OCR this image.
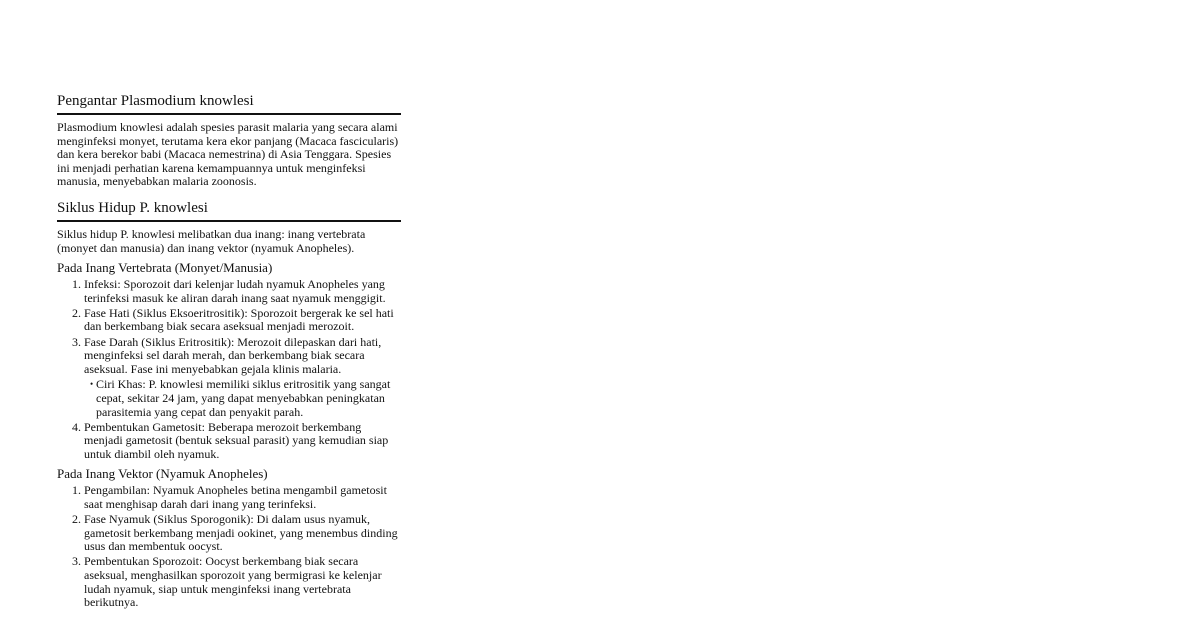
Pengantar Plasmodium knowlesi

Plasmodium knowlesi adalah spesies parasit malaria yang secara alami menginfeksi monyet, terutama kera ekor panjang (Macaca fascicularis) dan kera berekor babi (Macaca nemestrina) di Asia Tenggara. Spesies ini menjadi perhatian karena kemampuannya untuk menginfeksi manusia, menyebabkan malaria zoonosis.

Siklus Hidup P. knowlesi

Siklus hidup P. knowlesi melibatkan dua inang: inang vertebrata (monyet dan manusia) dan inang vektor (nyamuk Anopheles).

Pada Inang Vertebrata (Monyet/Manusia)
1. Infeksi: Sporozoit dari kelenjar ludah nyamuk Anopheles yang terinfeksi masuk ke aliran darah inang saat nyamuk menggigit.
2. Fase Hati (Siklus Eksoeritrositik): Sporozoit bergerak ke sel hati dan berkembang biak secara aseksual menjadi merozoit.
3. Fase Darah (Siklus Eritrositik): Merozoit dilepaskan dari hati, menginfeksi sel darah merah, dan berkembang biak secara aseksual. Fase ini menyebabkan gejala klinis malaria.
• Ciri Khas: P. knowlesi memiliki siklus eritrositik yang sangat cepat, sekitar 24 jam, yang dapat menyebabkan peningkatan parasitemia yang cepat dan penyakit parah.
4. Pembentukan Gametosit: Beberapa merozoit berkembang menjadi gametosit (bentuk seksual parasit) yang kemudian siap untuk diambil oleh nyamuk.
Pada Inang Vektor (Nyamuk Anopheles)
1. Pengambilan: Nyamuk Anopheles betina mengambil gametosit saat menghisap darah dari inang yang terinfeksi.
2. Fase Nyamuk (Siklus Sporogonik): Di dalam usus nyamuk, gametosit berkembang menjadi ookinet, yang menembus dinding usus dan membentuk oocyst.
3. Pembentukan Sporozoit: Oocyst berkembang biak secara aseksual, menghasilkan sporozoit yang bermigrasi ke kelenjar ludah nyamuk, siap untuk menginfeksi inang vertebrata berikutnya.
